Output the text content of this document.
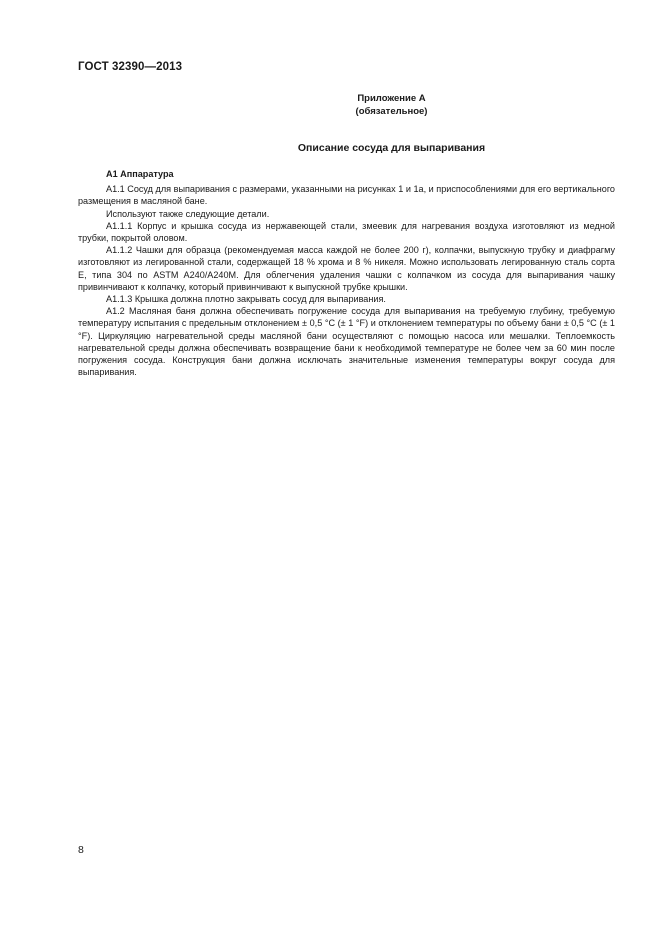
ГОСТ 32390—2013
Приложение А
(обязательное)
Описание сосуда для выпаривания
А1 Аппаратура

А1.1 Сосуд для выпаривания с размерами, указанными на рисунках 1 и 1а, и приспособлениями для его вертикального размещения в масляной бане.

Используют также следующие детали.

А1.1.1 Корпус и крышка сосуда из нержавеющей стали, змеевик для нагревания воздуха изготовляют из медной трубки, покрытой оловом.

А1.1.2 Чашки для образца (рекомендуемая масса каждой не более 200 г), колпачки, выпускную трубку и диафрагму изготовляют из легированной стали, содержащей 18 % хрома и 8 % никеля. Можно использовать легированную сталь сорта Е, типа 304 по ASTM A240/A240M. Для облегчения удаления чашки с колпачком из сосуда для выпаривания чашку привинчивают к колпачку, который привинчивают к выпускной трубке крышки.

А1.1.3 Крышка должна плотно закрывать сосуд для выпаривания.

А1.2 Масляная баня должна обеспечивать погружение сосуда для выпаривания на требуемую глубину, требуемую температуру испытания с предельным отклонением ± 0,5 °С (± 1 °F) и отклонением температуры по объему бани ± 0,5 °С (± 1 °F). Циркуляцию нагревательной среды масляной бани осуществляют с помощью насоса или мешалки. Теплоемкость нагревательной среды должна обеспечивать возвращение бани к необходимой температуре не более чем за 60 мин после погружения сосуда. Конструкция бани должна исключать значительные изменения температуры вокруг сосуда для выпаривания.

8
